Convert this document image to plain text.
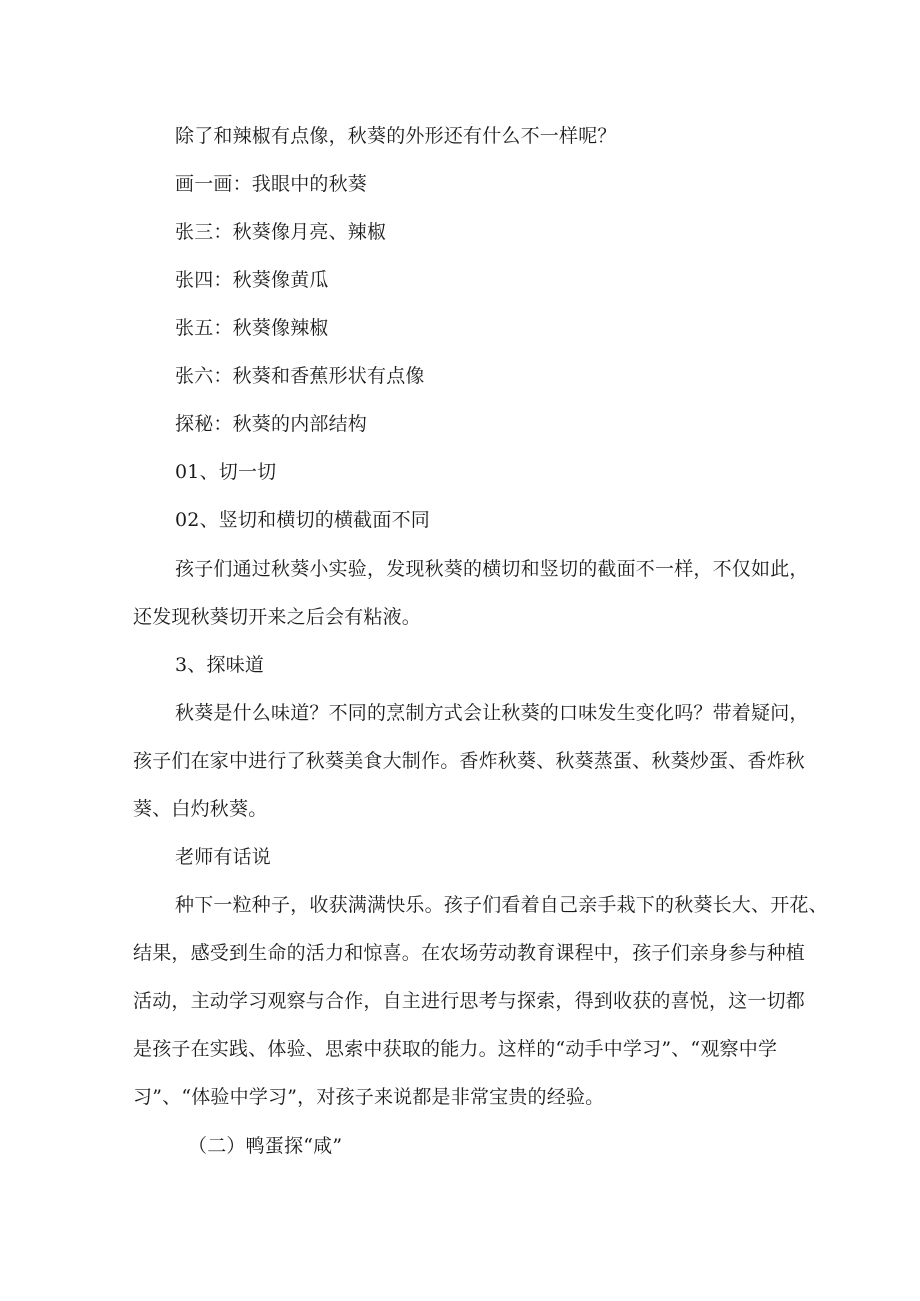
除了和辣椒有点像，秋葵的外形还有什么不一样呢？
画一画：我眼中的秋葵
张三：秋葵像月亮、辣椒
张四：秋葵像黄瓜
张五：秋葵像辣椒
张六：秋葵和香蕉形状有点像
探秘：秋葵的内部结构
01、切一切
02、竖切和横切的横截面不同
孩子们通过秋葵小实验，发现秋葵的横切和竖切的截面不一样，不仅如此，
还发现秋葵切开来之后会有粘液。
3、探味道
秋葵是什么味道？不同的烹制方式会让秋葵的口味发生变化吗？带着疑问，
孩子们在家中进行了秋葵美食大制作。香炸秋葵、秋葵蒸蛋、秋葵炒蛋、香炸秋
葵、白灼秋葵。
老师有话说
种下一粒种子，收获满满快乐。孩子们看着自己亲手栽下的秋葵长大、开花、
结果，感受到生命的活力和惊喜。在农场劳动教育课程中，孩子们亲身参与种植
活动，主动学习观察与合作，自主进行思考与探索，得到收获的喜悦，这一切都
是孩子在实践、体验、思索中获取的能力。这样的“动手中学习”、“观察中学
习”、“体验中学习”，对孩子来说都是非常宝贵的经验。
（二）鸭蛋探“咸”
